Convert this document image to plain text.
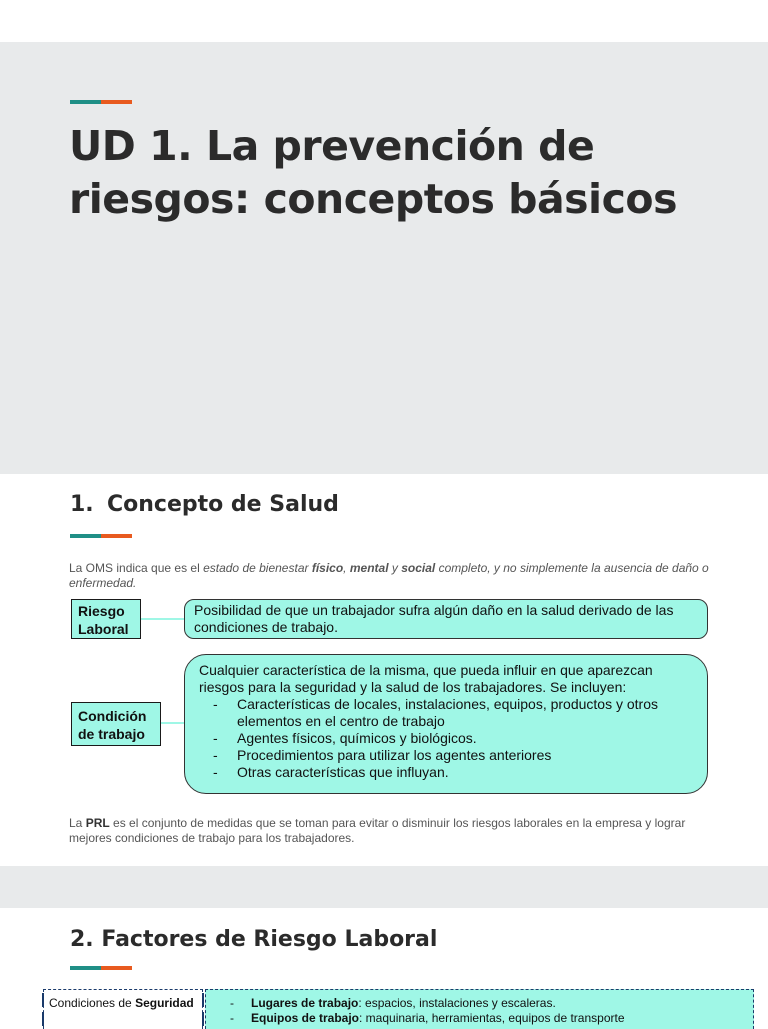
UD 1. La prevención de riesgos: conceptos básicos
1. Concepto de Salud

La OMS indica que es el estado de bienestar físico, mental y social completo, y no simplemente la ausencia de daño o enfermedad.

Riesgo
Laboral
Posibilidad de que un trabajador sufra algún daño en la salud derivado de las condiciones de trabajo.
Condición
de trabajo
Cualquier característica de la misma, que pueda influir en que aparezcan riesgos para la seguridad y la salud de los trabajadores. Se incluyen:
- Características de locales, instalaciones, equipos, productos y otros elementos en el centro de trabajo
- Agentes físicos, químicos y biológicos.
- Procedimientos para utilizar los agentes anteriores
- Otras características que influyan.

La PRL es el conjunto de medidas que se toman para evitar o disminuir los riesgos laborales en la empresa y lograr mejores condiciones de trabajo para los trabajadores.

2. Factores de Riesgo Laboral
Condiciones de Seguridad
-	Lugares de trabajo: espacios, instalaciones y escaleras.
- Equipos de trabajo: maquinaria, herramientas, equipos de transporte
